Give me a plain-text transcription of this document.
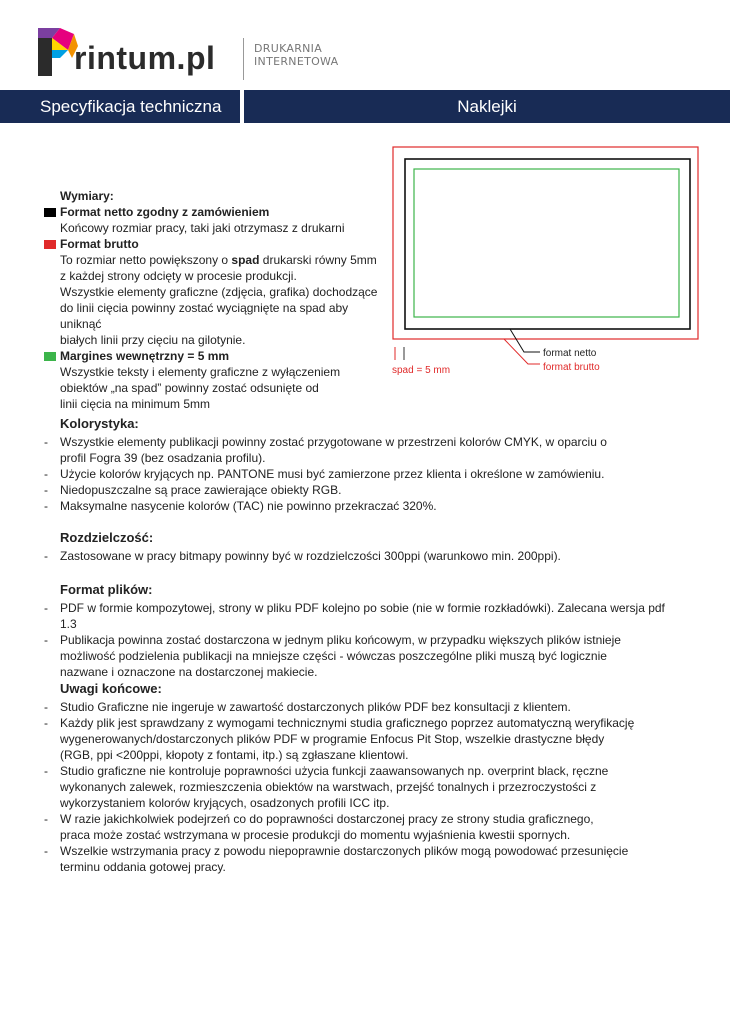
rintum.pl	DRUKARNIA
INTERNETOWA
Specyfikacja techniczna	Naklejki
Wymiary:
Format netto zgodny z zamówieniem
Końcowy rozmiar pracy, taki jaki otrzymasz z drukarni
Format brutto
To rozmiar netto powiększony o spad drukarski równy 5mm
z każdej strony odcięty w procesie produkcji.
Wszystkie elementy graficzne (zdjęcia, grafika) dochodzące
do linii cięcia powinny zostać wyciągnięte na spad aby uniknąć
białych linii przy cięciu na gilotynie.
Margines wewnętrzny = 5 mm
Wszystkie teksty i elementy graficzne z wyłączeniem
obiektów „na spad” powinny zostać odsunięte od
linii cięcia na minimum 5mm
spad = 5 mm
format netto
format brutto
Kolorystyka:
- Wszystkie elementy publikacji powinny zostać przygotowane w przestrzeni kolorów CMYK, w oparciu o profil Fogra 39 (bez osadzania profilu).
- Użycie kolorów kryjących np. PANTONE musi być zamierzone przez klienta i określone w zamówieniu.
- Niedopuszczalne są prace zawierające obiekty RGB.
- Maksymalne nasycenie kolorów (TAC) nie powinno przekraczać 320%.
Rozdzielczość:
- Zastosowane w pracy bitmapy powinny być w rozdzielczości 300ppi (warunkowo min. 200ppi).
Format plików:
- PDF w formie kompozytowej, strony w pliku PDF kolejno po sobie (nie w formie rozkładówki). Zalecana wersja pdf 1.3
- Publikacja powinna zostać dostarczona w jednym pliku końcowym, w przypadku większych plików istnieje możliwość podzielenia publikacji na mniejsze części - wówczas poszczególne pliki muszą być logicznie nazwane i oznaczone na dostarczonej makiecie.
Uwagi końcowe:
- Studio Graficzne nie ingeruje w zawartość dostarczonych plików PDF bez konsultacji z klientem.
- Każdy plik jest sprawdzany z wymogami technicznymi studia graficznego poprzez automatyczną weryfikację wygenerowanych/dostarczonych plików PDF w programie Enfocus Pit Stop, wszelkie drastyczne błędy (RGB, ppi <200ppi, kłopoty z fontami, itp.) są zgłaszane klientowi.
- Studio graficzne nie kontroluje poprawności użycia funkcji zaawansowanych np. overprint black, ręczne wykonanych zalewek, rozmieszczenia obiektów na warstwach, przejść tonalnych i przezroczystości z wykorzystaniem kolorów kryjących, osadzonych profili ICC itp.
- W razie jakichkolwiek podejrzeń co do poprawności dostarczonej pracy ze strony studia graficznego, praca może zostać wstrzymana w procesie produkcji do momentu wyjaśnienia kwestii spornych.
- Wszelkie wstrzymania pracy z powodu niepoprawnie dostarczonych plików mogą powodować przesunięcie terminu oddania gotowej pracy.
